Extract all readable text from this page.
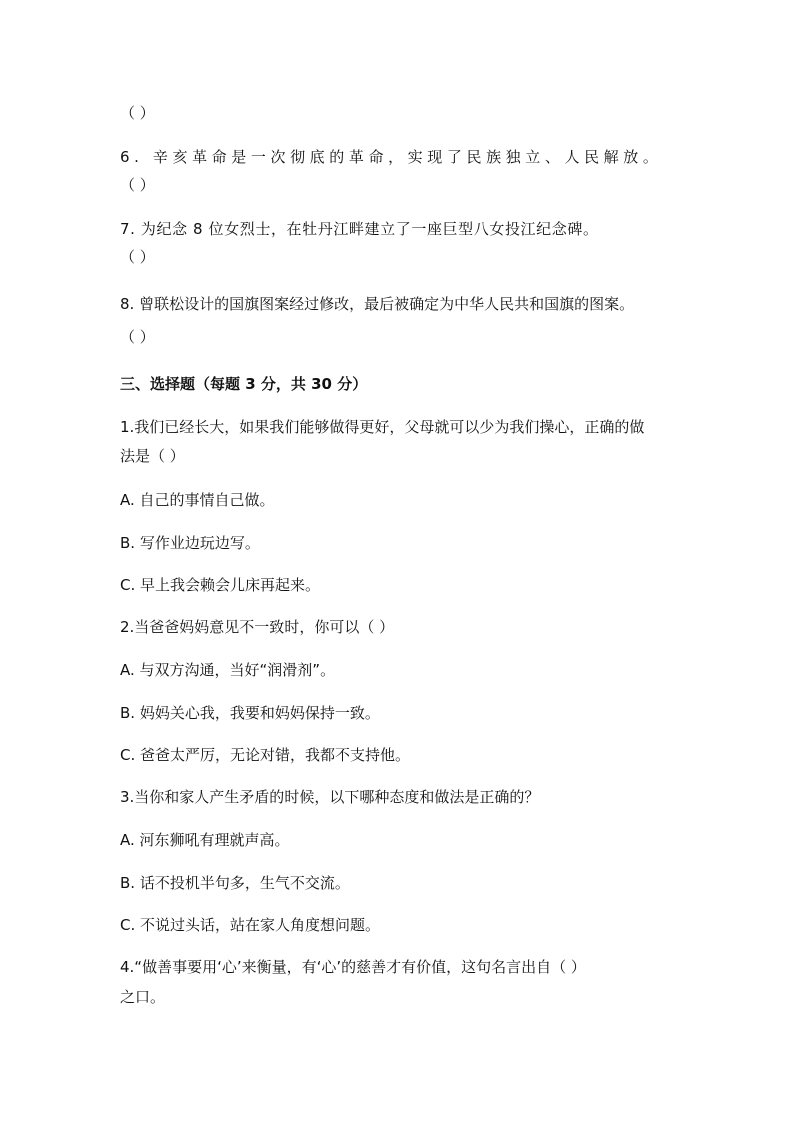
（ ）
6. 辛亥革命是一次彻底的革命，实现了民族独立、人民解放。
（ ）
7. 为纪念 8 位女烈士，在牡丹江畔建立了一座巨型八女投江纪念碑。
（ ）
8. 曾联松设计的国旗图案经过修改，最后被确定为中华人民共和国旗的图案。
（ ）
三、选择题（每题 3 分，共 30 分）
1.我们已经长大，如果我们能够做得更好，父母就可以少为我们操心，正确的做
法是（ ）
A. 自己的事情自己做。
B. 写作业边玩边写。
C. 早上我会赖会儿床再起来。
2.当爸爸妈妈意见不一致时，你可以（ ）
A. 与双方沟通，当好“润滑剂”。
B. 妈妈关心我，我要和妈妈保持一致。
C. 爸爸太严厉，无论对错，我都不支持他。
3.当你和家人产生矛盾的时候，以下哪种态度和做法是正确的？
A. 河东狮吼有理就声高。
B. 话不投机半句多，生气不交流。
C. 不说过头话，站在家人角度想问题。
4.“做善事要用‘心’来衡量，有‘心’的慈善才有价值，这句名言出自（ ）
之口。
